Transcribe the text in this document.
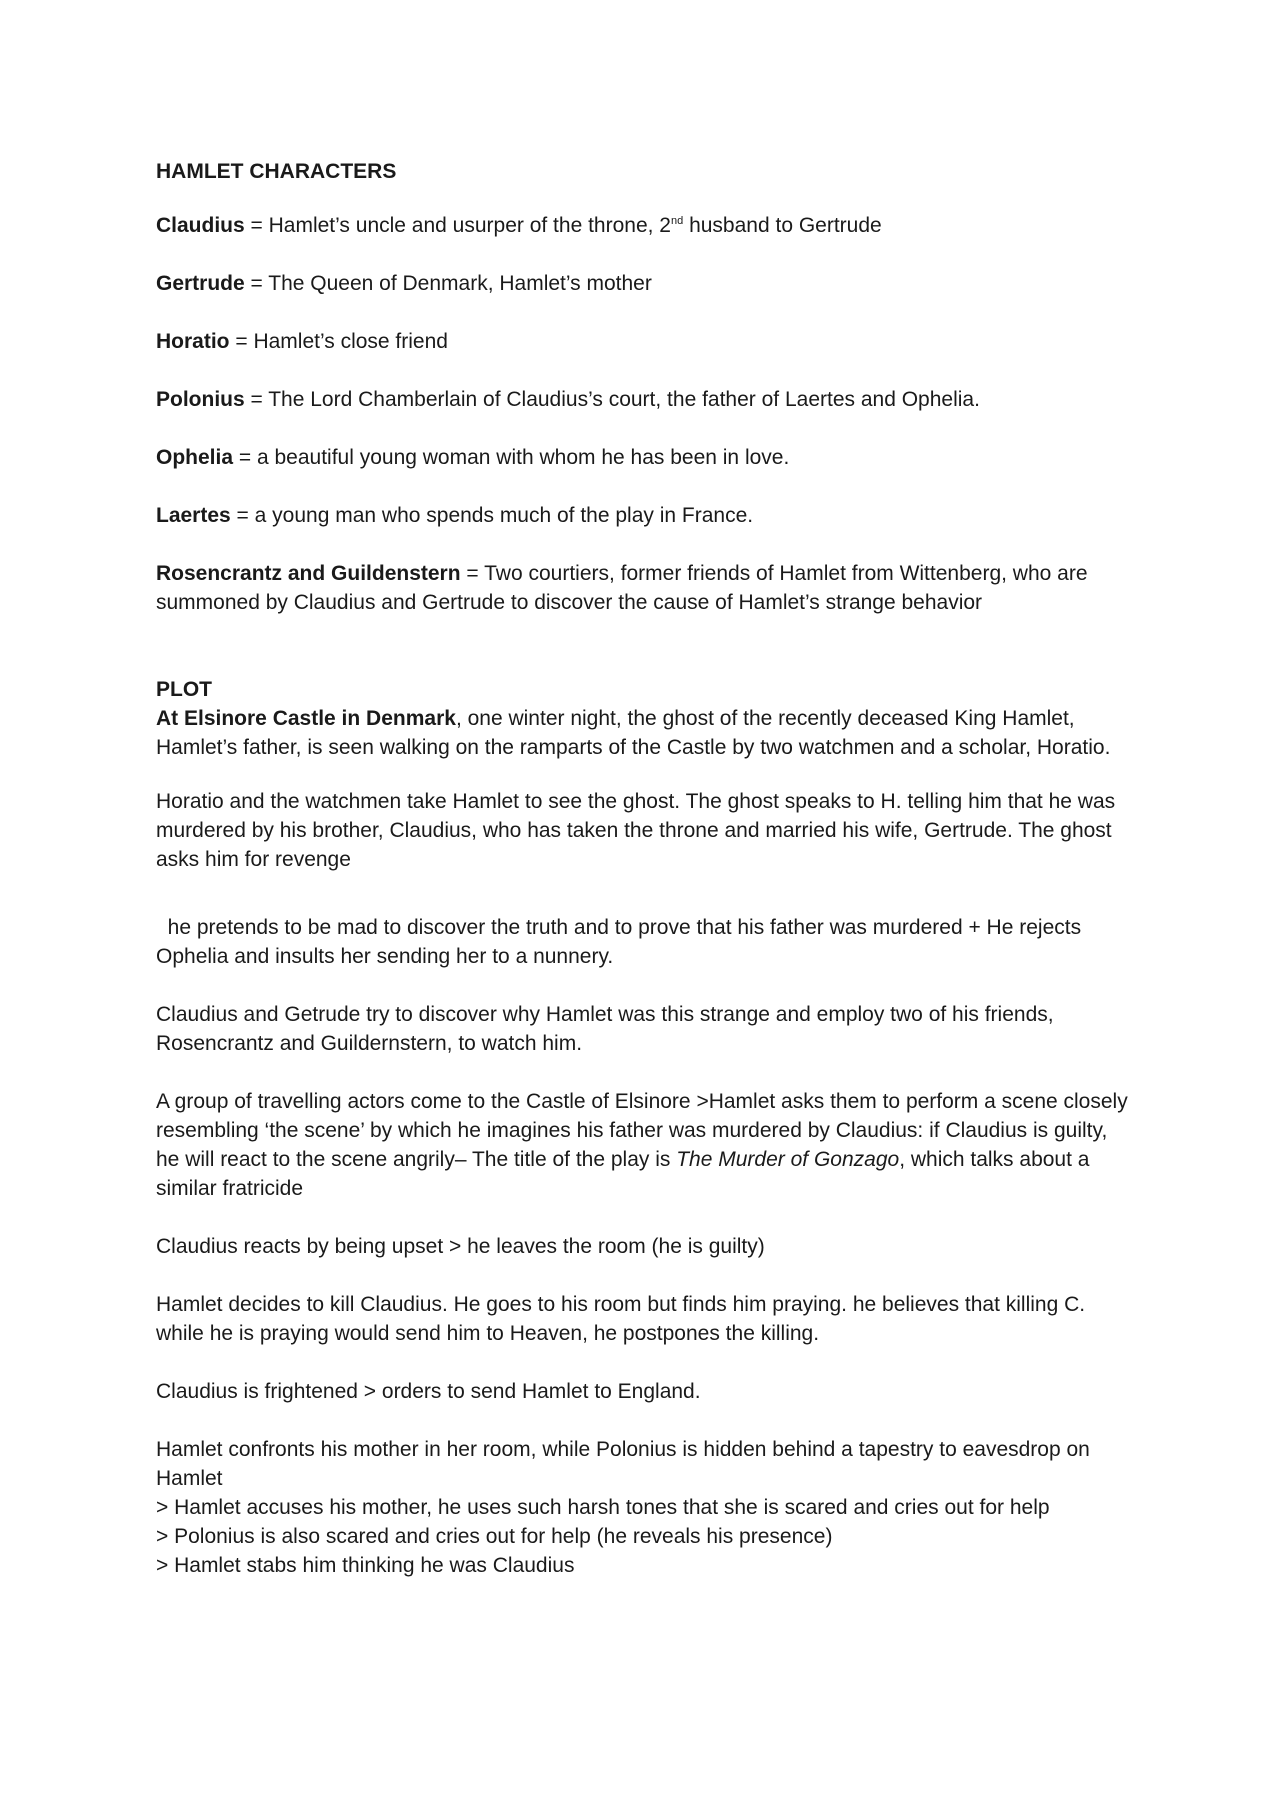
HAMLET CHARACTERS

Claudius = Hamlet’s uncle and usurper of the throne, 2nd husband to Gertrude

Gertrude = The Queen of Denmark, Hamlet’s mother

Horatio = Hamlet’s close friend

Polonius = The Lord Chamberlain of Claudius’s court, the father of Laertes and Ophelia.

Ophelia = a beautiful young woman with whom he has been in love.

Laertes = a young man who spends much of the play in France.

Rosencrantz and Guildenstern = Two courtiers, former friends of Hamlet from Wittenberg, who are summoned by Claudius and Gertrude to discover the cause of Hamlet’s strange behavior

PLOT

At Elsinore Castle in Denmark, one winter night, the ghost of the recently deceased King Hamlet, Hamlet’s father, is seen walking on the ramparts of the Castle by two watchmen and a scholar, Horatio.

Horatio and the watchmen take Hamlet to see the ghost. The ghost speaks to H. telling him that he was murdered by his brother, Claudius, who has taken the throne and married his wife, Gertrude. The ghost asks him for revenge

he pretends to be mad to discover the truth and to prove that his father was murdered + He rejects Ophelia and insults her sending her to a nunnery.

Claudius and Getrude try to discover why Hamlet was this strange and employ two of his friends, Rosencrantz and Guildernstern, to watch him.

A group of travelling actors come to the Castle of Elsinore >Hamlet asks them to perform a scene closely resembling ‘the scene’ by which he imagines his father was murdered by Claudius: if Claudius is guilty, he will react to the scene angrily– The title of the play is The Murder of Gonzago, which talks about a similar fratricide

Claudius reacts by being upset > he leaves the room (he is guilty)

Hamlet decides to kill Claudius. He goes to his room but finds him praying. he believes that killing C. while he is praying would send him to Heaven, he postpones the killing.

Claudius is frightened > orders to send Hamlet to England.

Hamlet confronts his mother in her room, while Polonius is hidden behind a tapestry to eavesdrop on Hamlet

> Hamlet accuses his mother, he uses such harsh tones that she is scared and cries out for help

> Polonius is also scared and cries out for help (he reveals his presence)

> Hamlet stabs him thinking he was Claudius
